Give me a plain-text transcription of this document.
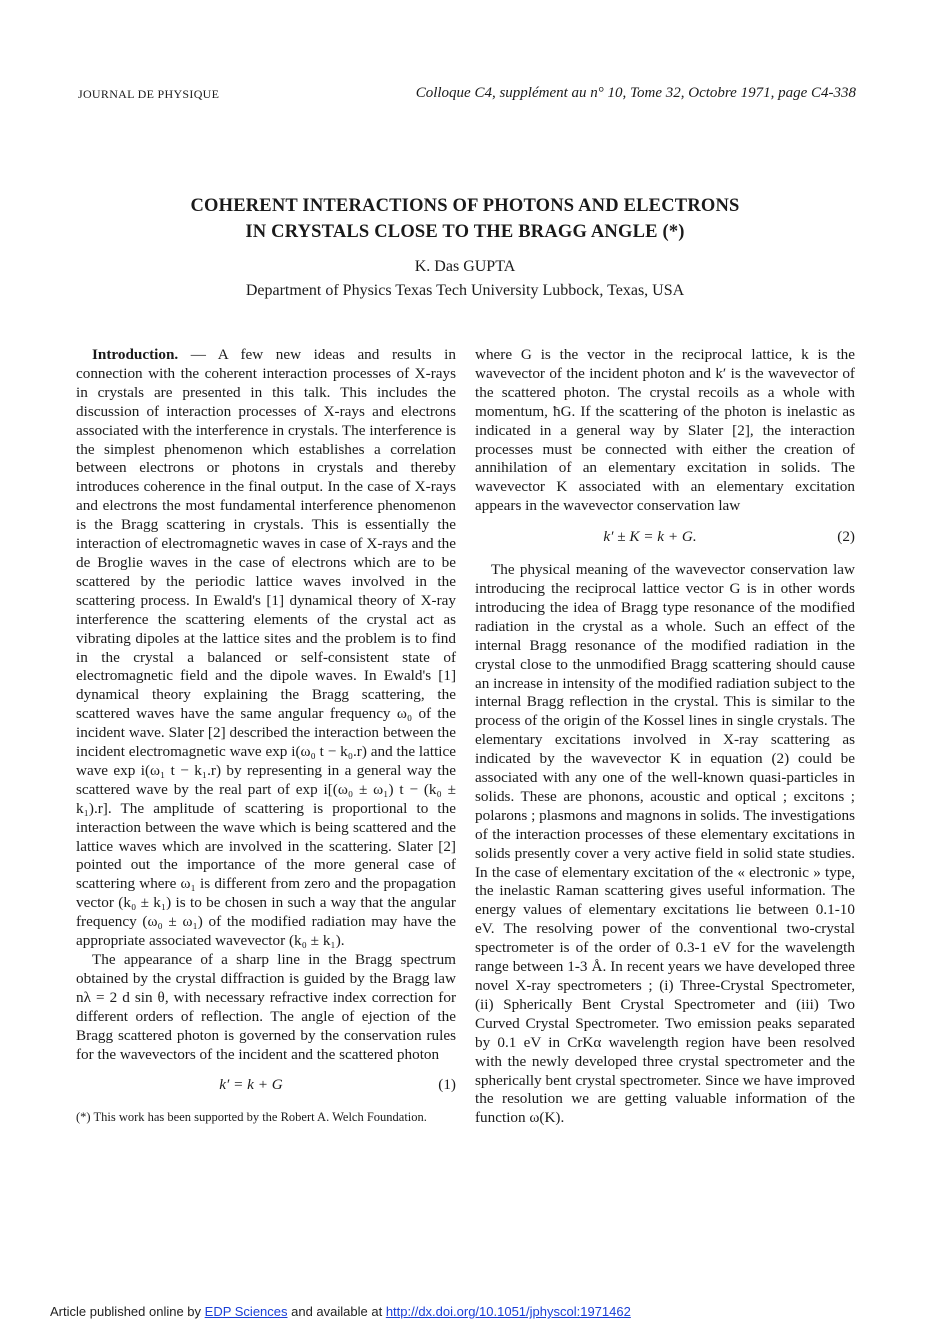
JOURNAL DE PHYSIQUE	Colloque C4, supplément au n° 10, Tome 32, Octobre 1971, page C4-338
COHERENT INTERACTIONS OF PHOTONS AND ELECTRONS
IN CRYSTALS CLOSE TO THE BRAGG ANGLE (*)
K. Das GUPTA
Department of Physics Texas Tech University Lubbock, Texas, USA

Introduction. — A few new ideas and results in connection with the coherent interaction processes of X-rays in crystals are presented in this talk. This includes the discussion of interaction processes of X-rays and electrons associated with the interference in crystals. The interference is the simplest phenomenon which establishes a correlation between electrons or photons in crystals and thereby introduces coherence in the final output. In the case of X-rays and electrons the most fundamental interference phenomenon is the Bragg scattering in crystals. This is essentially the interaction of electromagnetic waves in case of X-rays and the de Broglie waves in the case of electrons which are to be scattered by the periodic lattice waves involved in the scattering process. In Ewald's [1] dynamical theory of X-ray interference the scattering elements of the crystal act as vibrating dipoles at the lattice sites and the problem is to find in the crystal a balanced or self-consistent state of electromagnetic field and the dipole waves. In Ewald's [1] dynamical theory explaining the Bragg scattering, the scattered waves have the same angular frequency ω₀ of the incident wave. Slater [2] described the interaction between the incident electromagnetic wave exp i(ω₀ t − k₀.r) and the lattice wave exp i(ω₁ t − k₁.r) by representing in a general way the scattered wave by the real part of exp i[(ω₀ ± ω₁) t − (k₀ ± k₁).r]. The amplitude of scattering is proportional to the interaction between the wave which is being scattered and the lattice waves which are involved in the scattering. Slater [2] pointed out the importance of the more general case of scattering where ω₁ is different from zero and the propagation vector (k₀ ± k₁) is to be chosen in such a way that the angular frequency (ω₀ ± ω₁) of the modified radiation may have the appropriate associated wavevector (k₀ ± k₁).

The appearance of a sharp line in the Bragg spectrum obtained by the crystal diffraction is guided by the Bragg law nλ = 2 d sin θ, with necessary refractive index correction for different orders of reflection. The angle of ejection of the Bragg scattered photon is governed by the conservation rules for the wavevectors of the incident and the scattered photon

k′ = k + G	(1)

(*) This work has been supported by the Robert A. Welch Foundation.

where G is the vector in the reciprocal lattice, k is the wavevector of the incident photon and k′ is the wavevector of the scattered photon. The crystal recoils as a whole with momentum, ħG. If the scattering of the photon is inelastic as indicated in a general way by Slater [2], the interaction processes must be connected with either the creation of annihilation of an elementary excitation in solids. The wavevector K associated with an elementary excitation appears in the wavevector conservation law

k′ ± K = k + G.	(2)

The physical meaning of the wavevector conservation law introducing the reciprocal lattice vector G is in other words introducing the idea of Bragg type resonance of the modified radiation in the crystal as a whole. Such an effect of the internal Bragg resonance of the modified radiation in the crystal close to the unmodified Bragg scattering should cause an increase in intensity of the modified radiation subject to the internal Bragg reflection in the crystal. This is similar to the process of the origin of the Kossel lines in single crystals. The elementary excitations involved in X-ray scattering as indicated by the wavevector K in equation (2) could be associated with any one of the well-known quasi-particles in solids. These are phonons, acoustic and optical ; excitons ; polarons ; plasmons and magnons in solids. The investigations of the interaction processes of these elementary excitations in solids presently cover a very active field in solid state studies. In the case of elementary excitation of the « electronic » type, the inelastic Raman scattering gives useful information. The energy values of elementary excitations lie between 0.1-10 eV. The resolving power of the conventional two-crystal spectrometer is of the order of 0.3-1 eV for the wavelength range between 1-3 Å. In recent years we have developed three novel X-ray spectrometers ; (i) Three-Crystal Spectrometer, (ii) Spherically Bent Crystal Spectrometer and (iii) Two Curved Crystal Spectrometer. Two emission peaks separated by 0.1 eV in CrKα wavelength region have been resolved with the newly developed three crystal spectrometer and the spherically bent crystal spectrometer. Since we have improved the resolution we are getting valuable information of the function ω(K).

Article published online by EDP Sciences and available at http://dx.doi.org/10.1051/jphyscol:1971462
